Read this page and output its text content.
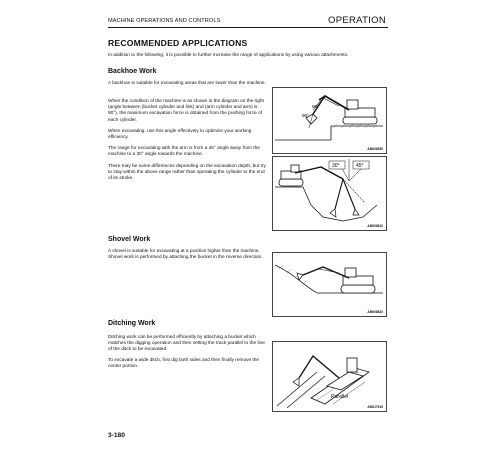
MACHINE OPERATIONS AND CONTROLS	OPERATION
RECOMMENDED APPLICATIONS

In addition to the following, it is possible to further increase the range of applications by using various attachments.

Backhoe Work

A backhoe is suitable for excavating areas that are lower than the machine.

When the condition of the machine is as shown in the diagram on the right (angle between (bucket cylinder and link) and (arm cylinder and arm) is 90°), the maximum excavation force is obtained from the pushing force of each cylinder.

When excavating, use this angle effectively to optimize your working efficiency.

The range for excavating with the arm is from a 45° angle away from the machine to a 30° angle towards the machine.

There may be some differences depending on the excavation depth, but try to stay within the above range rather than operating the cylinder to the end of its stroke.

90°
90°
AM008950
30°	45°
AM008810
Shovel Work

A shovel is suitable for excavating at a position higher than the machine. Shovel work is performed by attaching the bucket in the reverse direction.

AM008820
Ditching Work

Ditching work can be performed efficiently by attaching a bucket which matches the digging operation and then setting the track parallel to the line of the ditch to be excavated.

To excavate a wide ditch, first dig both sides and then finally remove the center portion.

Parallel
AM017615
3-180
